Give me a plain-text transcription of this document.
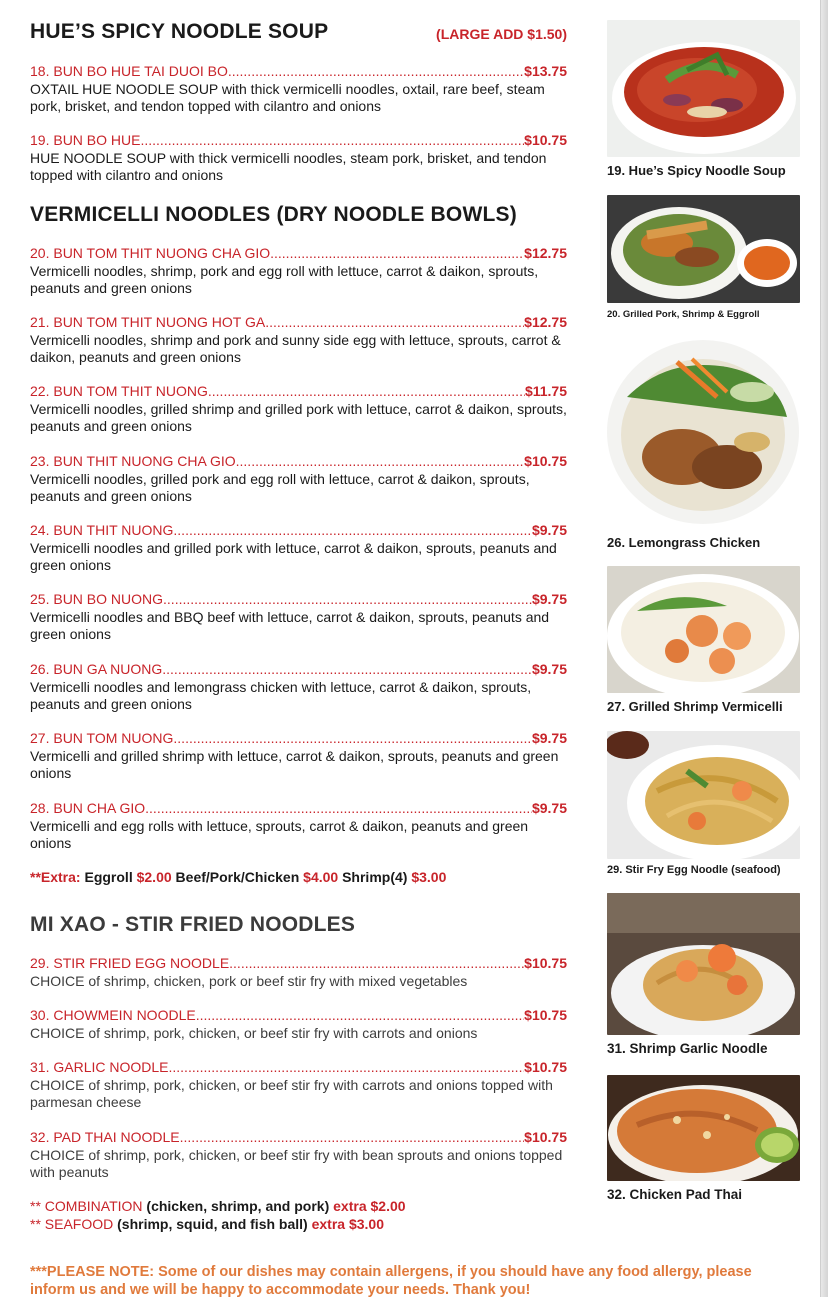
HUE’S SPICY NOODLE SOUP	(LARGE ADD $1.50)
18. BUN BO HUE TAI DUOI BO .....	$13.75
OXTAIL HUE NOODLE SOUP with thick vermicelli noodles, oxtail, rare beef, steam pork, brisket, and tendon topped with cilantro and onions
19. BUN BO HUE .....	$10.75
HUE NOODLE SOUP with thick vermicelli noodles, steam pork, brisket, and tendon topped with cilantro and onions
VERMICELLI NOODLES (DRY NOODLE BOWLS)
20. BUN TOM THIT NUONG CHA GIO .....	$12.75
Vermicelli noodles, shrimp, pork and egg roll with lettuce, carrot & daikon, sprouts, peanuts and green onions
21. BUN TOM THIT NUONG HOT GA .....	$12.75
Vermicelli noodles, shrimp and pork and sunny side egg with lettuce, sprouts, carrot & daikon, peanuts and green onions
22. BUN TOM THIT NUONG .....	$11.75
Vermicelli noodles, grilled shrimp and grilled pork with lettuce, carrot & daikon, sprouts, peanuts and green onions
23. BUN THIT NUONG CHA GIO .....	$10.75
Vermicelli noodles, grilled pork and egg roll with lettuce, carrot & daikon, sprouts, peanuts and green onions
24. BUN THIT NUONG .....	$9.75
Vermicelli noodles and grilled pork with lettuce, carrot & daikon, sprouts, peanuts and green onions
25. BUN BO NUONG .....	$9.75
Vermicelli noodles and BBQ beef with lettuce, carrot & daikon, sprouts, peanuts and green onions
26. BUN GA NUONG .....	$9.75
Vermicelli noodles and lemongrass chicken with lettuce, carrot & daikon, sprouts, peanuts and green onions
27. BUN TOM NUONG .....	$9.75
Vermicelli and grilled shrimp with lettuce, carrot & daikon, sprouts, peanuts and green onions
28. BUN CHA GIO .....	$9.75
Vermicelli and egg rolls with lettuce, sprouts, carrot & daikon, peanuts and green onions
**Extra: Eggroll $2.00 Beef/Pork/Chicken $4.00 Shrimp(4) $3.00
MI XAO - STIR FRIED NOODLES
29. STIR FRIED EGG NOODLE .....	$10.75
CHOICE of shrimp, chicken, pork or beef stir fry with mixed vegetables
30. CHOWMEIN NOODLE .....	$10.75
CHOICE of shrimp, pork, chicken, or beef stir fry with carrots and onions
31. GARLIC NOODLE .....	$10.75
CHOICE of shrimp, pork, chicken, or beef stir fry with carrots and onions topped with parmesan cheese
32. PAD THAI NOODLE .....	$10.75
CHOICE of shrimp, pork, chicken, or beef stir fry with bean sprouts and onions topped with peanuts
** COMBINATION (chicken, shrimp, and pork) extra $2.00
** SEAFOOD (shrimp, squid, and fish ball) extra $3.00
***PLEASE NOTE: Some of our dishes may contain allergens, if you should have any food allergy, please inform us and we will be happy to accommodate your needs. Thank you!
19. Hue’s Spicy Noodle Soup
20. Grilled Pork, Shrimp & Eggroll
26. Lemongrass Chicken
27. Grilled Shrimp Vermicelli
29. Stir Fry Egg Noodle (seafood)
31. Shrimp Garlic Noodle
32. Chicken Pad Thai
